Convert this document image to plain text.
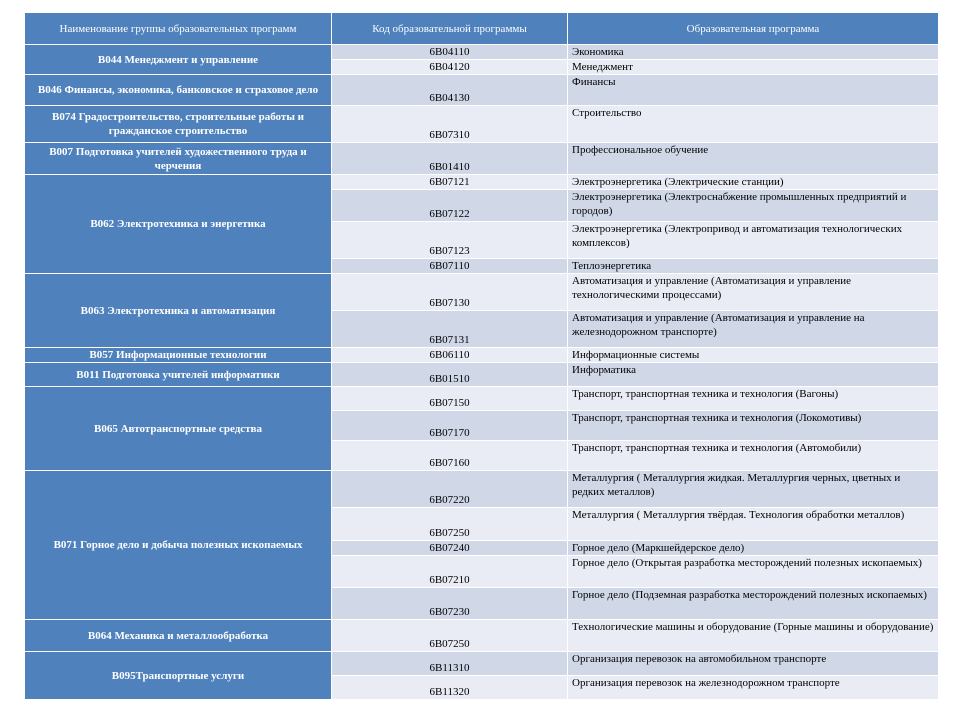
Наименование группы образовательных программ	Код образовательной программы	Образовательная программа
B044 Менеджмент и управление	6B04110	Экономика
	6B04120	Менеджмент
B046 Финансы, экономика, банковское и страховое дело	6B04130	Финансы
B074 Градостроительство, строительные работы и гражданское строительство	6B07310	Строительство
B007 Подготовка учителей художественного труда и черчения	6B01410	Профессиональное обучение
B062 Электротехника и энергетика	6B07121	Электроэнергетика (Электрические станции)
	6B07122	Электроэнергетика (Электроснабжение промышленных предприятий и городов)
	6B07123	Электроэнергетика (Электропривод и автоматизация технологических комплексов)
	6B07110	Теплоэнергетика
B063 Электротехника и автоматизация	6B07130	Автоматизация и управление (Автоматизация и управление технологическими процессами)
	6B07131	Автоматизация и управление (Автоматизация и управление на железнодорожном транспорте)
B057 Информационные технологии	6B06110	Информационные системы
B011 Подготовка учителей информатики	6B01510	Информатика
B065 Автотранспортные средства	6B07150	Транспорт, транспортная техника и технология (Вагоны)
	6B07170	Транспорт, транспортная техника и технология (Локомотивы)
	6B07160	Транспорт, транспортная техника и технология (Автомобили)
B071 Горное дело и добыча полезных ископаемых	6B07220	Металлургия ( Металлургия жидкая. Металлургия черных, цветных и редких металлов)
	6B07250	Металлургия ( Металлургия твёрдая. Технология обработки металлов)
	6B07240	Горное дело (Маркшейдерское дело)
	6B07210	Горное дело (Открытая разработка месторождений полезных ископаемых)
	6B07230	Горное дело (Подземная разработка месторождений полезных ископаемых)
B064 Механика и металлообработка	6B07250	Технологические машины и оборудование (Горные машины и оборудование)
B095Транспортные услуги	6B11310	Организация перевозок на автомобильном транспорте
	6B11320	Организация перевозок на железнодорожном транспорте
